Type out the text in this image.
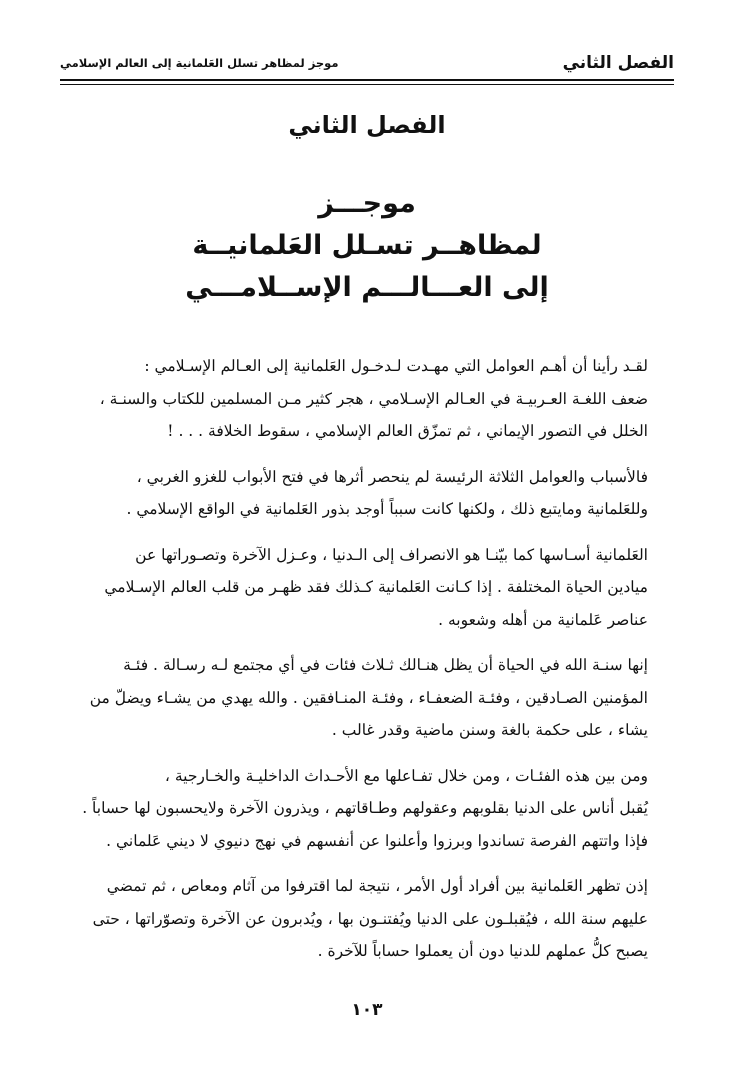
الفصل الثاني
موجز لمظاهر تسلل العَلمانية إلى العالم الإسلامي
الفصل الثاني
موجـــز
لمظاهــر تسـلل العَلمانيــة
إلى العـــالـــم الإســلامـــي

لقـد رأينا أن أهـم العوامل التي مهـدت لـدخـول العَلمانية إلى العـالم الإسـلامي :
ضعف اللغـة العـربيـة في العـالم الإسـلامي ، هجر كثير مـن المسلمين للكتاب والسنـة ،
الخلل في التصور الإيماني ، ثم تمزّق العالم الإسلامي ، سقوط الخلافة . . . !

فالأسباب والعوامل الثلاثة الرئيسة لم ينحصر أثرها في فتح الأبواب للغزو الغربي ،
وللعَلمانية ومايتبع ذلك ، ولكنها كانت سبباً أوجد بذور العَلمانية في الواقع الإسلامي .

العَلمانية أسـاسها كما بيّنـا هو الانصراف إلى الـدنيا ، وعـزل الآخرة وتصـوراتها عن
ميادين الحياة المختلفة . إذا كـانت العَلمانية كـذلك فقد ظهـر من قلب العالم الإسـلامي
عناصر عَلمانية من أهله وشعوبه .

إنها سنـة الله في الحياة أن يظل هنـالك ثـلاث فئات في أي مجتمع لـه رسـالة . فئـة
المؤمنين الصـادقين ، وفئـة الضعفـاء ، وفئـة المنـافقين . والله يهدي من يشـاء ويضلّ من
يشاء ، على حكمة بالغة وسنن ماضية وقدر غالب .

ومن بين هذه الفئـات ، ومن خلال تفـاعلها مع الأحـداث الداخليـة والخـارجية ،
يُقبل أناس على الدنيا بقلوبهم وعقولهم وطـاقاتهم ، ويذرون الآخرة ولايحسبون لها حساباً .
فإذا واتتهم الفرصة تساندوا وبرزوا وأعلنوا عن أنفسهم في نهج دنيوي لا ديني عَلماني .

إذن تظهر العَلمانية بين أفراد أول الأمر ، نتيجة لما اقترفوا من آثام ومعاص ، ثم تمضي
عليهم سنة الله ، فيُقبلـون على الدنيا ويُفتنـون بها ، ويُدبرون عن الآخرة وتصوّراتها ، حتى
يصبح كلُّ عملهم للدنيا دون أن يعملوا حساباً للآخرة .

١٠٣
